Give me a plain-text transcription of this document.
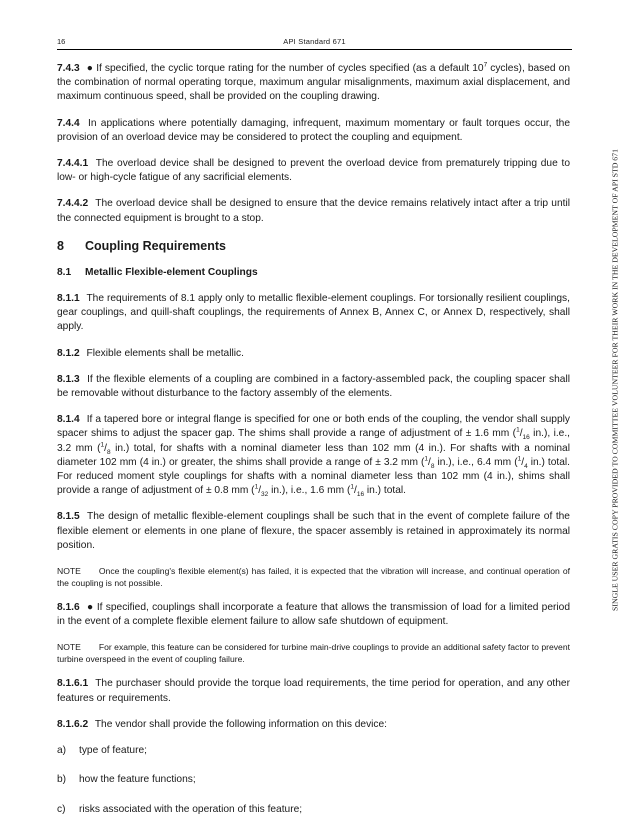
16	API Standard 671
SINGLE USER GRATIS COPY PROVIDED TO COMMITTEE VOLUNTEER FOR THEIR WORK IN THE DEVELOPMENT OF API STD 671

7.4.3 ● If specified, the cyclic torque rating for the number of cycles specified (as a default $10^7$ cycles), based on the combination of normal operating torque, maximum angular misalignments, maximum axial displacement, and maximum continuous speed, shall be provided on the coupling drawing.

7.4.4 In applications where potentially damaging, infrequent, maximum momentary or fault torques occur, the provision of an overload device may be considered to protect the coupling and equipment.

7.4.4.1 The overload device shall be designed to prevent the overload device from prematurely tripping due to low- or high-cycle fatigue of any sacrificial elements.

7.4.4.2 The overload device shall be designed to ensure that the device remains relatively intact after a trip until the connected equipment is brought to a stop.

8 Coupling Requirements
8.1 Metallic Flexible-element Couplings

8.1.1 The requirements of 8.1 apply only to metallic flexible-element couplings. For torsionally resilient couplings, gear couplings, and quill-shaft couplings, the requirements of Annex B, Annex C, or Annex D, respectively, shall apply.

8.1.2 Flexible elements shall be metallic.

8.1.3 If the flexible elements of a coupling are combined in a factory-assembled pack, the coupling spacer shall be removable without disturbance to the factory assembly of the elements.

8.1.4 If a tapered bore or integral flange is specified for one or both ends of the coupling, the vendor shall supply spacer shims to adjust the spacer gap. The shims shall provide a range of adjustment of ± 1.6 mm ($^1/_{16}$ in.), i.e., 3.2 mm ($^1/_8$ in.) total, for shafts with a nominal diameter less than 102 mm (4 in.). For shafts with a nominal diameter 102 mm (4 in.) or greater, the shims shall provide a range of ± 3.2 mm ($^1/_8$ in.), i.e., 6.4 mm ($^1/_4$ in.) total. For reduced moment style couplings for shafts with a nominal diameter less than 102 mm (4 in.), shims shall provide a range of adjustment of ± 0.8 mm ($^1/_{32}$ in.), i.e., 1.6 mm ($^1/_{16}$ in.) total.

8.1.5 The design of metallic flexible-element couplings shall be such that in the event of complete failure of the flexible element or elements in one plane of flexure, the spacer assembly is retained in approximately its normal position.

NOTE Once the coupling's flexible element(s) has failed, it is expected that the vibration will increase, and continual operation of the coupling is not possible.

8.1.6 ● If specified, couplings shall incorporate a feature that allows the transmission of load for a limited period in the event of a complete flexible element failure to allow safe shutdown of equipment.

NOTE For example, this feature can be considered for turbine main-drive couplings to provide an additional safety factor to prevent turbine overspeed in the event of coupling failure.

8.1.6.1 The purchaser should provide the torque load requirements, the time period for operation, and any other features or requirements.

8.1.6.2 The vendor shall provide the following information on this device:

a) type of feature;
b) how the feature functions;
c) risks associated with the operation of this feature;
